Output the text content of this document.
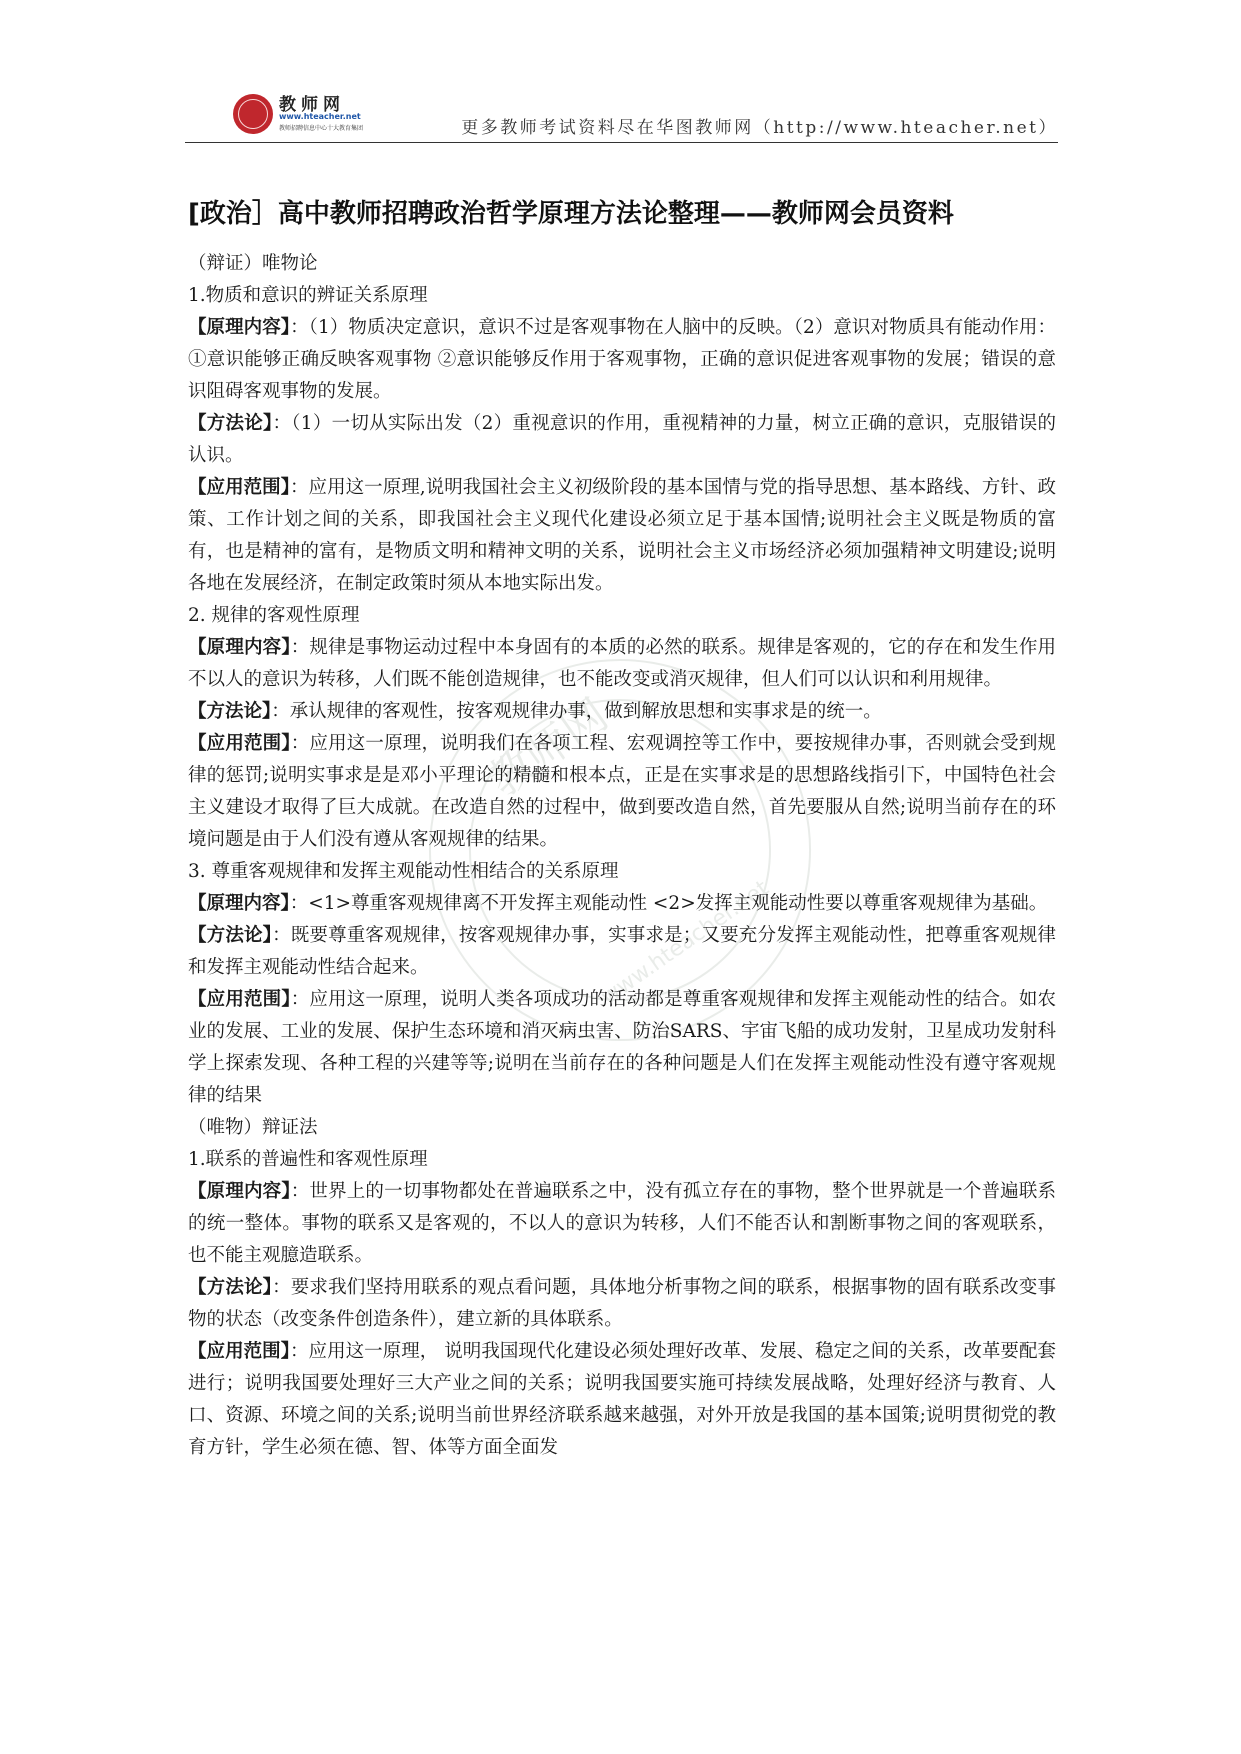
教师网
www.hteacher.net
教师招聘信息中心十大教育集团	更多教师考试资料尽在华图教师网（http://www.hteacher.net）
教师网
www.hteacher.net
[政治］高中教师招聘政治哲学原理方法论整理——教师网会员资料

（辩证）唯物论

1.物质和意识的辨证关系原理

【原理内容】：（1）物质决定意识，意识不过是客观事物在人脑中的反映。（2）意识对物质具有能动作用：①意识能够正确反映客观事物 ②意识能够反作用于客观事物，正确的意识促进客观事物的发展；错误的意识阻碍客观事物的发展。

【方法论】：（1）一切从实际出发（2）重视意识的作用，重视精神的力量，树立正确的意识，克服错误的认识。

【应用范围】：应用这一原理,说明我国社会主义初级阶段的基本国情与党的指导思想、基本路线、方针、政策、工作计划之间的关系，即我国社会主义现代化建设必须立足于基本国情;说明社会主义既是物质的富有，也是精神的富有，是物质文明和精神文明的关系，说明社会主义市场经济必须加强精神文明建设;说明各地在发展经济，在制定政策时须从本地实际出发。

2. 规律的客观性原理

【原理内容】：规律是事物运动过程中本身固有的本质的必然的联系。规律是客观的，它的存在和发生作用不以人的意识为转移，人们既不能创造规律，也不能改变或消灭规律，但人们可以认识和利用规律。

【方法论】：承认规律的客观性，按客观规律办事，做到解放思想和实事求是的统一。

【应用范围】：应用这一原理，说明我们在各项工程、宏观调控等工作中，要按规律办事，否则就会受到规律的惩罚;说明实事求是是邓小平理论的精髓和根本点，正是在实事求是的思想路线指引下，中国特色社会主义建设才取得了巨大成就。在改造自然的过程中，做到要改造自然，首先要服从自然;说明当前存在的环境问题是由于人们没有遵从客观规律的结果。

3. 尊重客观规律和发挥主观能动性相结合的关系原理

【原理内容】：<1>尊重客观规律离不开发挥主观能动性 <2>发挥主观能动性要以尊重客观规律为基础。

【方法论】：既要尊重客观规律，按客观规律办事，实事求是；又要充分发挥主观能动性，把尊重客观规律和发挥主观能动性结合起来。

【应用范围】：应用这一原理，说明人类各项成功的活动都是尊重客观规律和发挥主观能动性的结合。如农业的发展、工业的发展、保护生态环境和消灭病虫害、防治SARS、宇宙飞船的成功发射，卫星成功发射科学上探索发现、各种工程的兴建等等;说明在当前存在的各种问题是人们在发挥主观能动性没有遵守客观规律的结果

（唯物）辩证法

1.联系的普遍性和客观性原理

【原理内容】：世界上的一切事物都处在普遍联系之中，没有孤立存在的事物，整个世界就是一个普遍联系的统一整体。事物的联系又是客观的，不以人的意识为转移，人们不能否认和割断事物之间的客观联系，也不能主观臆造联系。

【方法论】：要求我们坚持用联系的观点看问题，具体地分析事物之间的联系，根据事物的固有联系改变事物的状态（改变条件创造条件），建立新的具体联系。

【应用范围】：应用这一原理， 说明我国现代化建设必须处理好改革、发展、稳定之间的关系，改革要配套进行；说明我国要处理好三大产业之间的关系；说明我国要实施可持续发展战略，处理好经济与教育、人口、资源、环境之间的关系;说明当前世界经济联系越来越强，对外开放是我国的基本国策;说明贯彻党的教育方针，学生必须在德、智、体等方面全面发
